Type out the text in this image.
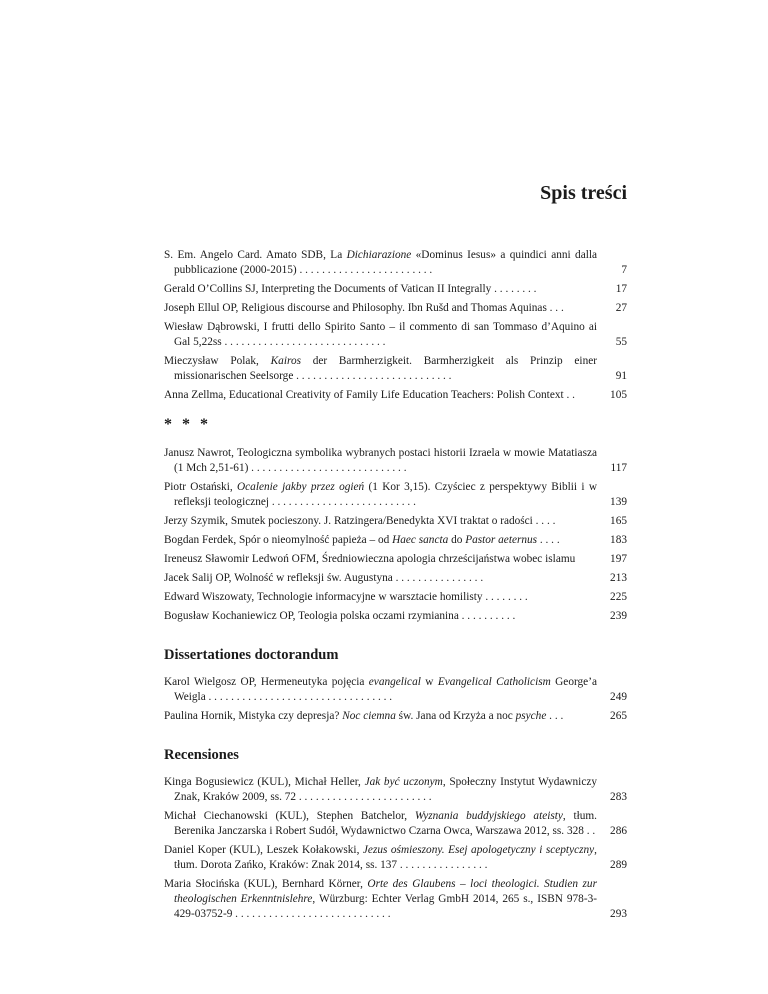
Spis treści
S. Em. Angelo Card. Amato SDB, La Dichiarazione «Dominus Iesus» a quindici anni dalla pubblicazione (2000-2015) . . . . . . . . . . . . . . . . . . . . . . . .	7
Gerald O’Collins SJ, Interpreting the Documents of Vatican II Integrally . . . . . . . .	17
Joseph Ellul OP, Religious discourse and Philosophy. Ibn Rušd and Thomas Aquinas . . .	27
Wiesław Dąbrowski, I frutti dello Spirito Santo – il commento di san Tommaso d’Aquino ai Gal 5,22ss . . . . . . . . . . . . . . . . . . . . . . . . . . . . .	55
Mieczysław Polak, Kairos der Barmherzigkeit. Barmherzigkeit als Prinzip einer missionarischen Seelsorge . . . . . . . . . . . . . . . . . . . . . . . . . . . .	91
Anna Zellma, Educational Creativity of Family Life Education Teachers: Polish Context . .	105
* * *
Janusz Nawrot, Teologiczna symbolika wybranych postaci historii Izraela w mowie Matatiasza (1 Mch 2,51-61) . . . . . . . . . . . . . . . . . . . . . . . . . . . .	117
Piotr Ostański, Ocalenie jakby przez ogień (1 Kor 3,15). Czyściec z perspektywy Biblii i w refleksji teologicznej . . . . . . . . . . . . . . . . . . . . . . . . . .	139
Jerzy Szymik, Smutek pocieszony. J. Ratzingera/Benedykta XVI traktat o radości . . . .	165
Bogdan Ferdek, Spór o nieomylność papieża – od Haec sancta do Pastor aeternus . . . .	183
Ireneusz Sławomir Ledwoń OFM, Średniowieczna apologia chrześcijaństwa wobec islamu	197
Jacek Salij OP, Wolność w refleksji św. Augustyna . . . . . . . . . . . . . . . .	213
Edward Wiszowaty, Technologie informacyjne w warsztacie homilisty . . . . . . . .	225
Bogusław Kochaniewicz OP, Teologia polska oczami rzymianina . . . . . . . . . .	239
Dissertationes doctorandum
Karol Wielgosz OP, Hermeneutyka pojęcia evangelical w Evangelical Catholicism George’a Weigla . . . . . . . . . . . . . . . . . . . . . . . . . . . . . . . . .	249
Paulina Hornik, Mistyka czy depresja? Noc ciemna św. Jana od Krzyża a noc psyche . . .	265
Recensiones
Kinga Bogusiewicz (KUL), Michał Heller, Jak być uczonym, Społeczny Instytut Wydawniczy Znak, Kraków 2009, ss. 72 . . . . . . . . . . . . . . . . . . . . . . . .	283
Michał Ciechanowski (KUL), Stephen Batchelor, Wyznania buddyjskiego ateisty, tłum. Berenika Janczarska i Robert Sudół, Wydawnictwo Czarna Owca, Warszawa 2012, ss. 328 . .	286
Daniel Koper (KUL), Leszek Kołakowski, Jezus ośmieszony. Esej apologetyczny i sceptyczny, tłum. Dorota Zańko, Kraków: Znak 2014, ss. 137 . . . . . . . . . . . . . . . .	289
Maria Słocińska (KUL), Bernhard Körner, Orte des Glaubens – loci theologici. Studien zur theologischen Erkenntnislehre, Würzburg: Echter Verlag GmbH 2014, 265 s., ISBN 978-3-429-03752-9 . . . . . . . . . . . . . . . . . . . . . . . . . . . .	293
